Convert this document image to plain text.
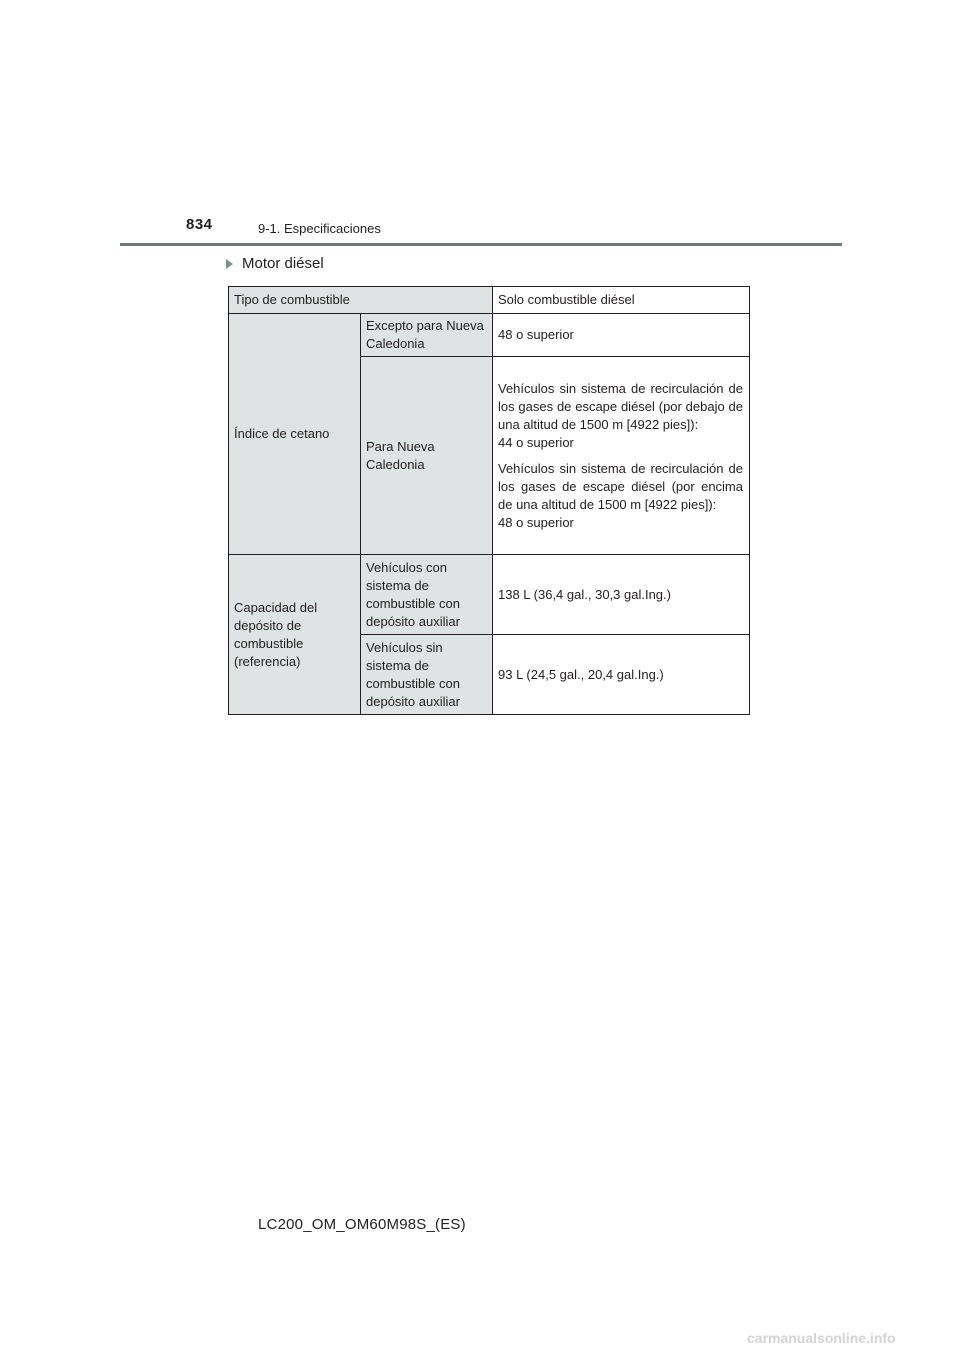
834	9-1. Especificaciones
Motor diésel
Tipo de combustible		Solo combustible diésel
Índice de cetano	Excepto para Nueva Caledonia	48 o superior
	Para Nueva Caledonia	Vehículos sin sistema de recirculación de los gases de escape diésel (por debajo de una altitud de 1500 m [4922 pies]):
44 o superior
Vehículos sin sistema de recirculación de los gases de escape diésel (por encima de una altitud de 1500 m [4922 pies]):
48 o superior

Capacidad del depósito de combustible (referencia)	Vehículos con sistema de combustible con depósito auxiliar	138 L (36,4 gal., 30,3 gal.Ing.)
	Vehículos sin sistema de combustible con depósito auxiliar	93 L (24,5 gal., 20,4 gal.Ing.)
LC200_OM_OM60M98S_(ES)
carmanualsonline.info
